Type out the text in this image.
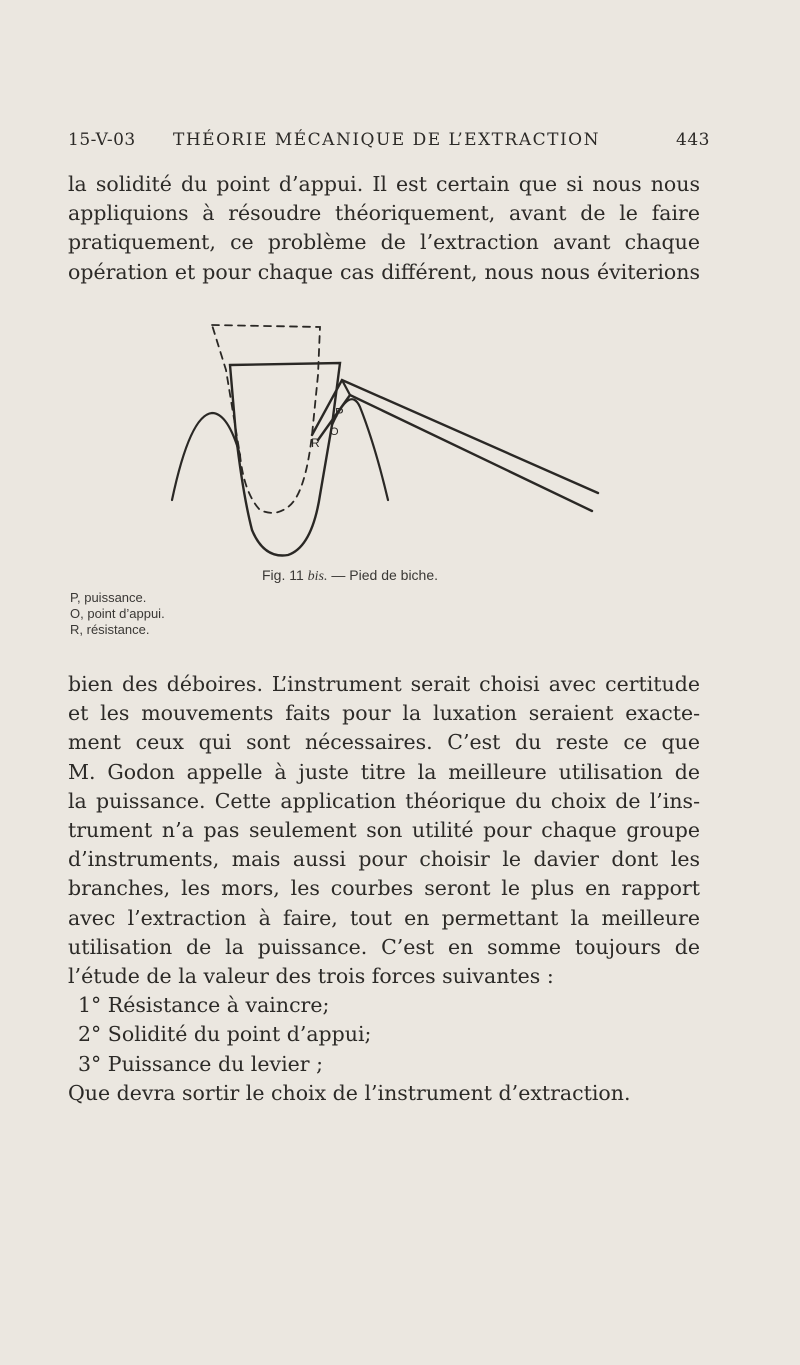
15-V-03 THÉORIE MÉCANIQUE DE L’EXTRACTION	443
la solidité du point d’appui. Il est certain que si nous nous
appliquions à résoudre théoriquement, avant de le faire
pratiquement, ce problème de l’extraction avant chaque
opération et pour chaque cas différent, nous nous éviterions
P
O
R
Fig. 11 bis. — Pied de biche.
P, puissance.
O, point d’appui.
R, résistance.
bien des déboires. L’instrument serait choisi avec certitude
et les mouvements faits pour la luxation seraient exacte-
ment ceux qui sont nécessaires. C’est du reste ce que
M. Godon appelle à juste titre la meilleure utilisation de
la puissance. Cette application théorique du choix de l’ins-
trument n’a pas seulement son utilité pour chaque groupe
d’instruments, mais aussi pour choisir le davier dont les
branches, les mors, les courbes seront le plus en rapport
avec l’extraction à faire, tout en permettant la meilleure
utilisation de la puissance. C’est en somme toujours de
l’étude de la valeur des trois forces suivantes :
1° Résistance à vaincre;
2° Solidité du point d’appui;
3° Puissance du levier ;
Que devra sortir le choix de l’instrument d’extraction.
